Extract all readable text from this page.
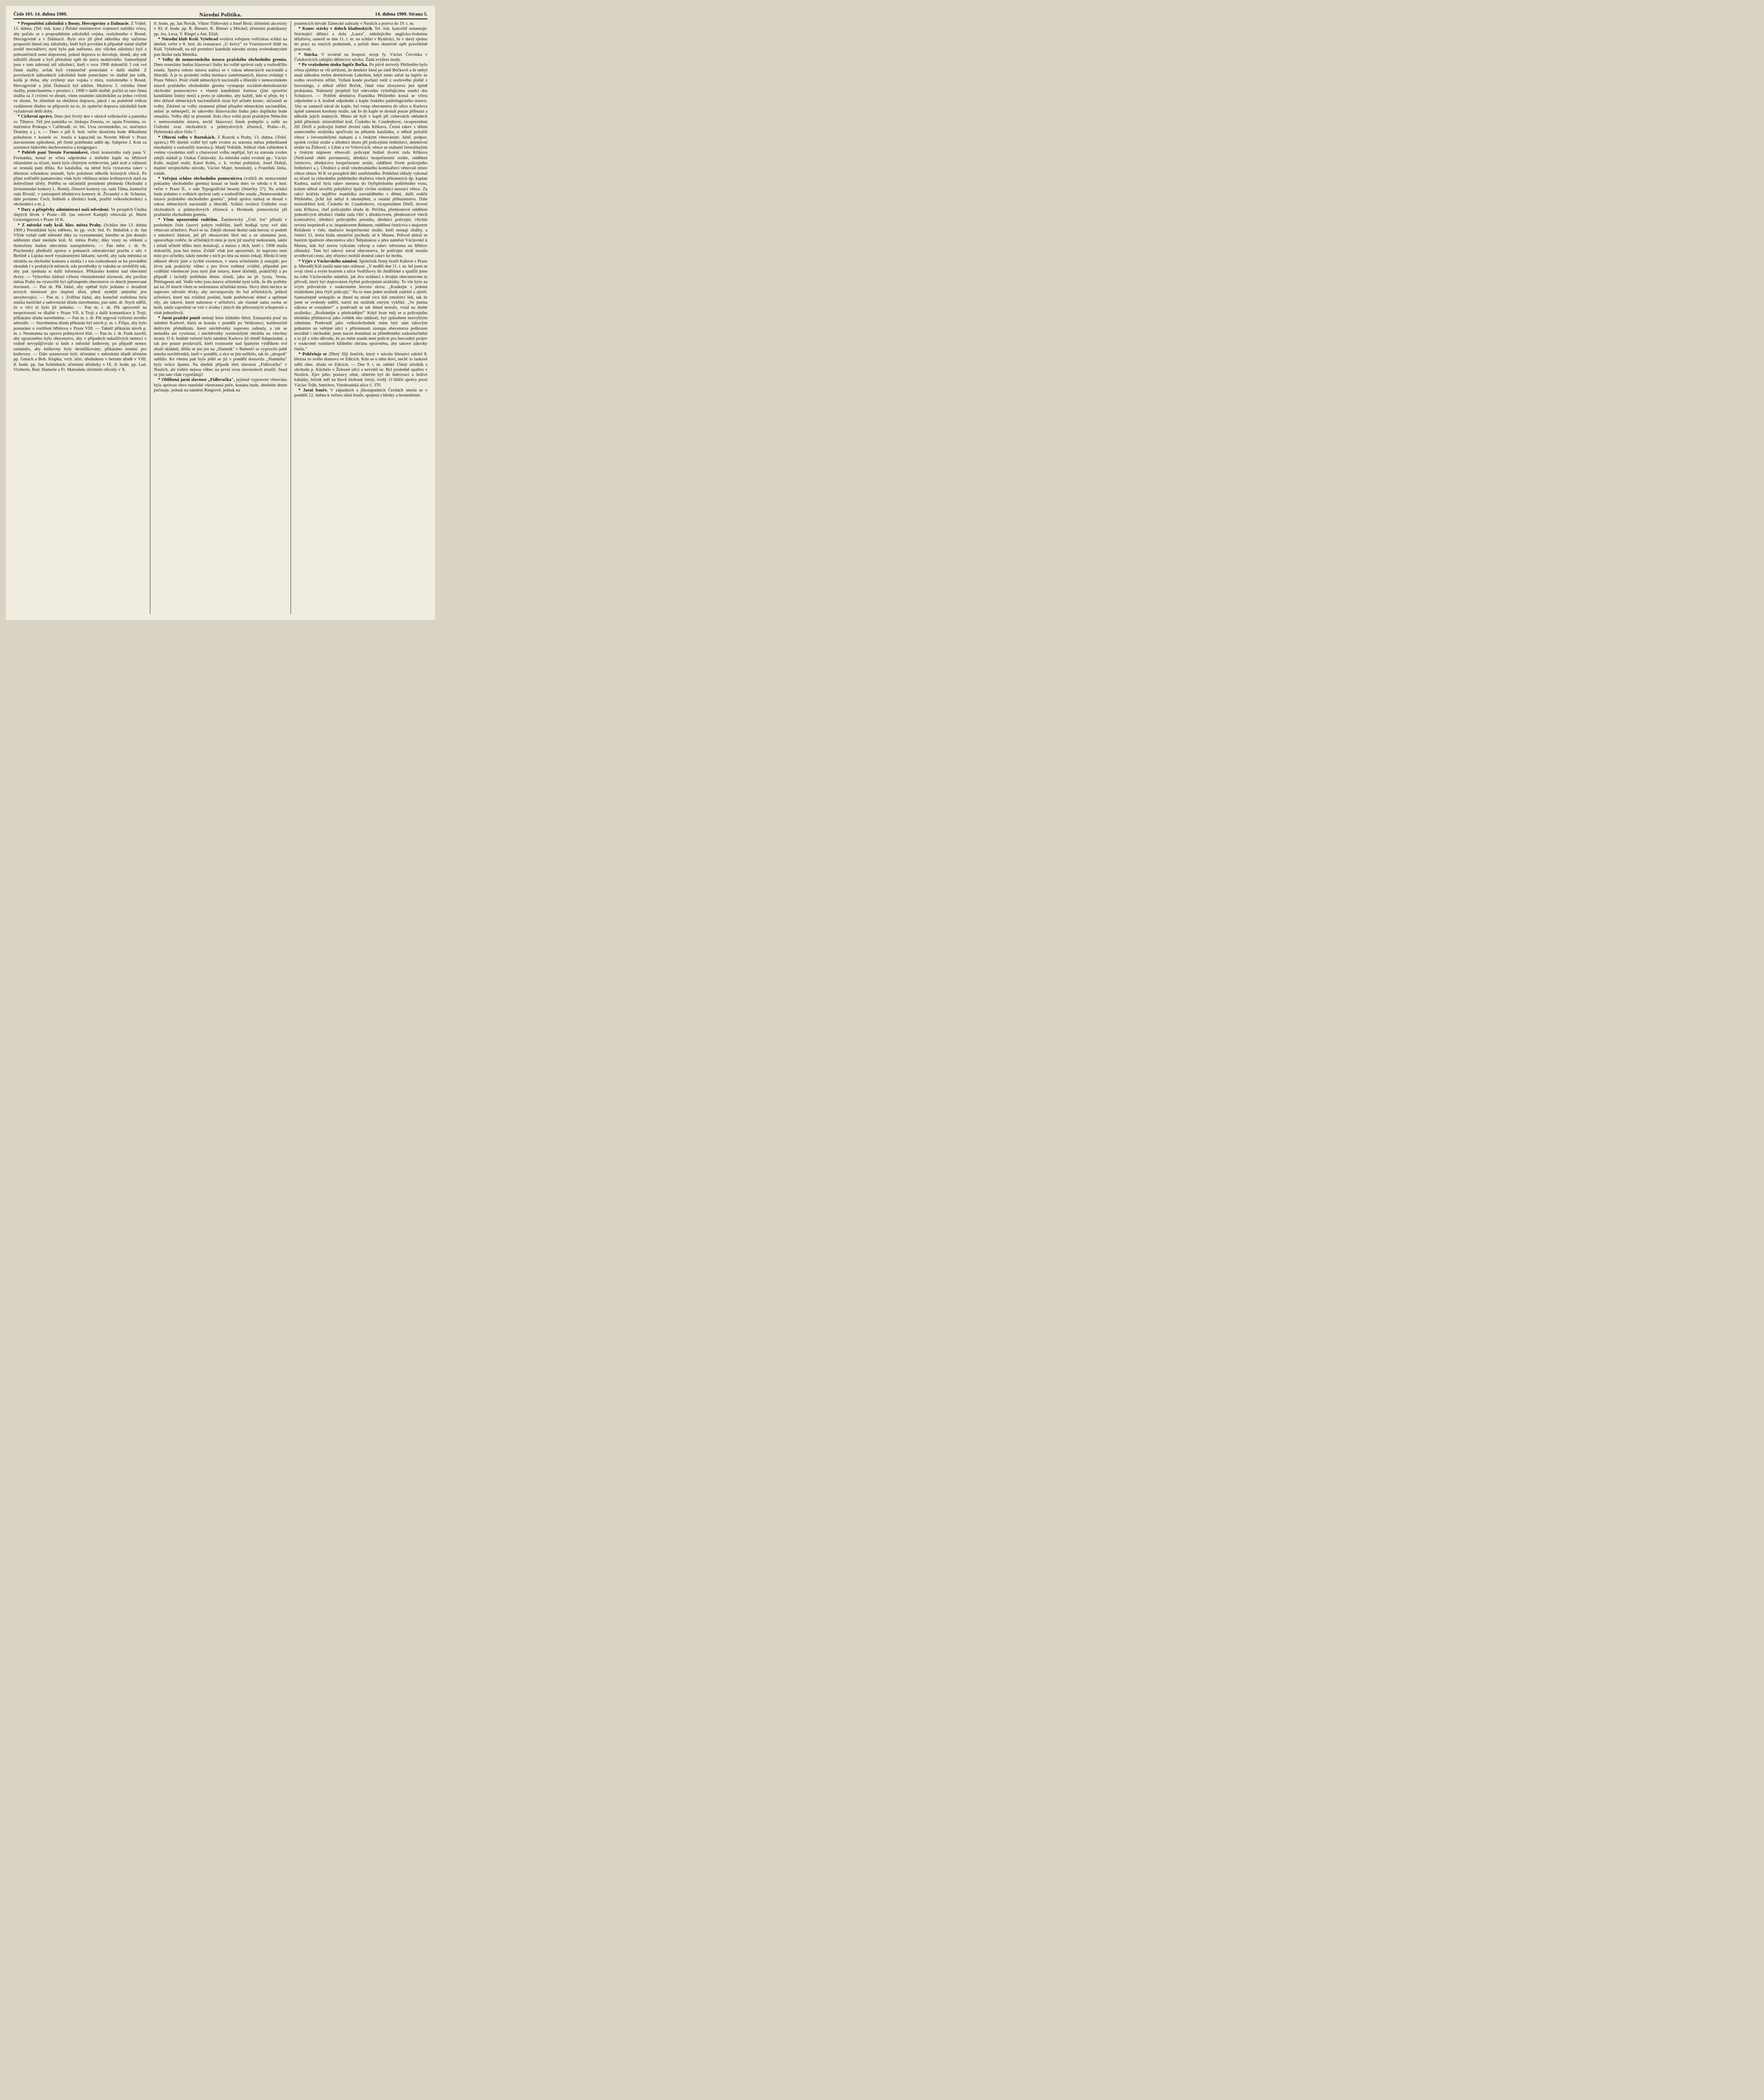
Číslo 103. 14. dubna 1909.	Národní Politika.	14. dubna 1909. Strana 5.

* Propouštění záložníků z Bosny, Hercegoviny a Dalmacie. Z Vídně, 13. dubna. (Tel. tisk. kanc.) Říšské ministerstvo vojenství nařídilo včera, aby počalo se s propouštěním záložníků vojska, rozloženého v Bosně, Hercegovině a v Dalmacii. Bylo sice již před několika dny nařízeno propustiti ihned ony záložníky, kteří byli povoláni k případně nutné službě uvnitř mocnářství; nyní bylo pak nařízeno, aby všichni záložníci byli z pohraničních zemí dopraveni, pokud doprava to dovoluje, domů, aby zde odložili zbraně a byli přeloženi opět do stavu neaktivního. Samozřejmě jsou v tom zahrnuti též záložníci, kteří v roce 1908 dokončili 3 rok své činné služby, avšak byli výminečně ponecháni v další službě. Z povolaných náhradních záložníků bude ponecháno ve službě jen tolik, kolik je třeba, aby zvýšený stav vojska v míru, rozloženého v Bosně, Hercegovině a jižní Dalmacii byl udržen. Mužstvu 3. ročníku činné služby, ponechanému v prosinci r. 1908 v další službě, počítá se tato činná služba za 3 cvičení ve zbrani, všem ostatním záložníkům za jedno cvičení ve zbrani. Se zřetelem na obtížnou dopravu, jakož i na poměrně velkou vzdálenost dlužno se připraviti na to, že zpáteční doprava záložníků bude vyžadovati delší doby.

* Církevní zprávy. Dnes jest čtvrtý den v oktávě velkonoční a památka sv. Tiburce. Též jest památka sv. biskupa Zenona, sv. opata Frontána, sv. mučenice Prokopa v Cařihradě, sv. bls. Ursa ravennského, sv. mučenice Dominy a j. v. — Dnes o půl 6. hod. večer skončena bude 40hodinná pobožnost v kostele sv. Josefa u kapucínů na Novém Městě v Praze slavnostním způsobem, při čemž požehnání udělí dp. Subprior J. Kott za asistence řádového duchovenstva a kongregací.

* Pohřeb paní Terezie Formánkové, choti komorního rady pana V. Formánka, konal se včera odpoledne z ústřední kaple na hřbitově olšanském za účasti, která byla zřejmým svědectvím, jaké úctě a vážnosti se zesnulá paní těšila. Ke katafalku, na němž byla vystavena rakev s tělesnou schránkou zesnulé, bylo položeno několik krásných věnců. Po přání zvěčnělé pamatováno však bylo většinou místo květinových darů na dobročinné účely. Pohřbu se súčastnili presidenti předseda Obchodní a živnostenské komory L. Bondy, členové komory cís. rada Tůma, komerční rada Rivnáč, v zastoupení úřednictva komory dr. Živanský a dr. Schuster, dále poslanec Čech, ředitelé a úředníci bank, pražští velkoobchodníci a obchodníci a m. j.

* Dary a příspěvky administraci naší odvedené. Ve prospěch Útulku slepých dívek v Praze—III. (na ostrově Kampě) věnovala pí. Marie Grassingerová v Praze 10 K.

* Z městské rady král. hlav. města Prahy. (Schůze dne 13. dubna 1909.) Presidiálně bylo sděleno, že pp. vrch. řed. Fr. Hubáček a dr. Jan Vlček vzdali radě městské díky za vyznamenání, kterého se jim dostalo udělením zlaté medaile král. hl. města Prahy; díky vzaty na vědomí a tlumočeny budou obecnímu zastupitelstvu. — Pan měst. r. dr. St. Prachenský předložil zprávu o pokusech odstraňování prachu z ulic v Berlíně a Lipsku nově vynalezenými látkami; navrhl, aby rada městská se obrátila na obchodní komoru a mohla i s tou rozhodnouti se ku provádění zkoušek i v pražských městech, zda prostředky ty vakuku se osvědčily tak, aby pak zjednala si další informace. Přikázáno komisi nad obecními dvory. — Vyhověno žádosti výboru všestudentské slavnosti, aby pavilon města Prahy na výstavišti byl zpřístupněn obecenstvu ve dnech jmenované slavnosti. — Pan dr. Pik žádal, aby opětně bylo jednáno o dosažení nových místností pro dopisní úřad, jehož nynější umístění jest nevyhovující. — Pan m. r. Zvěřina žádal, aby konečně rozřešena byla otázka hasičské a sadovnické úřadu stavebnímu; pan nám. dr. Stych sdělil, že o věci té bylo již jednáno. — Pan m. r. dr. Pik upozornil na nesprávnosti ve dlažbě v Praze VII. k Troji a další komunikace k Troji; přikázáno úřadu stavebnímu. — Pan m. r. dr. Pik urgoval vyřízení nového adresáře. — Stavebnímu úřadu přikázán byl návrh p. m. r. Filipa, aby bylo postaráno o rozšíření hřbitova v Praze VIII. — Taktéž přikázán návrh p. m. r. Neumanna na opravu průmyslové tříd. — Pan m. r. dr. Funk navrhl, aby upozorněno bylo obecenstvo, aby v případech nakažlivých nemocí v rodině nevypůjčovalo si knih z městské knihovny, po případě nemoc oznámilo, aby knihovny byly desinfikovány; přikázáno komisi pro knihovny. — Dále ustanoveni byli: účetními v městském úřadě účetním pp. Gmach a Boh. Klapka; vrch. účet. úředníkem v berním úřadě v VIII. tř. hodn. pp. Jan Schönbach; účetními úředníky v IX. tř. hodn. pp. Lad. Vichterle, Rud. Hamerle a Fr. Matoušek; účetními oficiály v X.

tř. hodn. pp. Jan Novák, Viktor Tišňovský a Josef Brož; účetními akcesisty v XI. tř. hodn. pp. R. Bienert, K. Bittner a Möckel; účetními praktikanty pp. Jos. Lexa, V. Riegel a Ant. Eliáš.

* Národní klub Král. Vyšehrad svolává veřejnou voličskou schůzi na dnešek večer o 8. hod. do restaurace „U kotvy" ve Vratislavově třídě na Král. Vyšehradě, na níž promluví kandidát národní strany svobodomyslné pan školní rada Metelka.

* Volby do nemocenského ústavu pražského obchodního gremia. Dnes rozeslány budou hlasovací lístky ku volbě správní rady a rozhodčího soudu. Správa tohoto ústavu nalézá se v rukou německých nacionálů a liberálů. A je to poslední velká instituce zaměstnaných, kterou ovládají v Praze Němci. Proti vládě německých nacionálů a liberálů v nemocenském ústavě pražského obchodního gremia vystupuje sociálně-demokratické obchodní pomocnictvo s vlastní kandidátní listinou (jiné opoziční kandidátní listiny není) a proto je záhodno, aby každý, kdo si přeje, by i této državě německých nacionálních stran byl učiněn konec, súčastnil se volby. Zdržení se volby znamená přímé přispění německým nacionálům, neboť je nebezpečí, že takového hlasovacího lístku jako duplikátu bude zneužito. Volby dějí se písemně. Kdo chce voliti proti pražským Němcům v nemocenském ústavu, nechť hlasovací lístek podepíše a zašle na Ústřední svaz obchodních a průmyslových zřízenců, Praha—II., Hybernská ulice číslo 7.

* Obecní volby v Roztokách. Z Roztok u Prahy, 13. dubna. (Telef. zpráva.) Při dnešní volbě byl opět zvolen za starostu města jednohlasně mnohaletý a zasloužilý starosta p. Matěj Voštálík. Jelikož však vzhledem k svému vysokému stáří a churavosti volbu nepřijal, byl za starostu zvolen zdejší statkář p. Otakar Čáslavský. Za městské radní zvoleni pp.: Václav Kubr, majitel realit, Karel Kohn, c. k. vrchní poštmistr, Josef Dolejš, majitel strojnického závodu, Václav Majer, hostinský, a František Járka, rolník.

* Veřejná schůze obchodního pomocnictva (voličů do nemocenské pokladny obchodního gremia) konati se bude dnes ve středu o 8. hod. večer v Praze II., v sále Typografické besedy (Smečky 27). Na schůzi bude jednáno o volbách správní rady a rozhodčího soudu „Nemocenského ústavu pražského obchodního gremia", jehož správa nalezá se dosud v rukou německých nacionálů a liberálů. Schůzi svolává Ústřední svaz obchodních a průmyslových zřízenců a Hromada pomocnická při pražském obchodním gremiu.

* Všem upozornění rodičům. Žamberecký „Ústř. list" přináší v posledním čísle časový pokyn rodičům, kteří hodlají syny své dáti věnovati učitelství. Praví se tu: Zdejší okresní školní rada berouc si podnět z množství žádostí, jež při obsazování škol má a ze záznamu jsou, upozorňuje rodiče, že učitelských míst je nyní již značný nedostatek, takže i mladí učitelé těžko míst dostávají, a mnozí z těch, kteří r. 1908 studia dokončili, jsou bez místa. Zvlášť však jest upozorniti, že naprosto není míst pro učitelky, takže mnohé z nich po léta na místo čekají. Hledá-li tedy některé děvče jisté a rychlé existence, v stavu učitelském ji nenajde; pro život pak praktický vůbec a pro život rodinný zvláště, případně pro vzdělání všeobecné jsou nyní jiné ústavy, které účelněji, praktičtěji a po případě i laciněji potřebám těmto slouží, jako na př. lycea, Vesna, Pöttingeum atd. Vedle toho jsou ústavy učitelské nyní tolik, že dle potřeby asi na 20 letech všem se nedostanou učitelská místa. Slovy těmi nechce se naprosto odvrátit dívky, aby nevstupovaly do řad učitelských, jelikož učitelství, které má zvláštní poslání, bude potřebovati dobré a upřímné síly, ale takové, které naleznou v učitelství, ale vlastně sama osoba se hodí, takže zapotření se vzít v úvahu i jiných dle přirozených schopností a vloh jednotlivců.

* Jarní pražské poutě nemají letos žádného štěstí. Emauzská pouť na náměstí Karlově, která se konala v pondělí po Velikonoci, každoročně deštivým přeháňkám, které návštěvníky naprosto zahnaly, a tak se nemohla ani vyvinout; i návštěvníky rozmrzelými obrátila na všechny strany. O 6. hodině večerní bylo náměstí Karlovo již téměř liduprázdné, a tak pro pouze prodavačů, kteří rozmrzele nad špatným výdělkem své zboží skládali, těšila se jen jen na „Slamník" v Bubenči se vypravilo ještě mnoho navštěvníků, kteří v pondělí, a sice se jim nelíbilo, tak že „alespoň" sněžilo. Ke všemu pak bylo ještě se již v pondělí dostavila „Slamníku" byla velice špatná. Na dnešek připadá třetí slavnost „Fidlovačka" v Nuslích, ale rodiče nejsou vůbec na první svou slavnostech ztratili. Snad se jim tato však vypořádají!

* Oblíbená jarní slavnost „Fidlovačka", jejímuž vypravení věnována byla správou obce nuselské všestranná péče, konána bude, dnešním dnem počínaje, jednak na náměstí Riegrově, jednak na

pozemcích bývalé Zámecké zahrady v Nuslích a potrvá do 19. t. m.

* Konec stávky v dolech kladenských. Tel. tisk. kancelář oznamuje: Stávkující dělníci z dolu „Laura", náležejícího anglicko-českému těžařstvu, usnesli se dne 11. t. m. na schůzi v Rynholci, že v úterý sjedou do prací za starých podmínek, a počali dnes skutečně opět pravidelně pracovati.

* Stávka. V továrně na hospod. stroje fy. Václav Červinka v Čelakovicích zahájilo dělnictvo stávku. Žádá zvýšení mzdy.

* Po vražedném útoku lupiče Bočka. Po pitvě mrtvoly Pětiletého bylo včera zjištěno se vší určitostí, že detektiv klesl po ráně Bočkově a že nebyl snad náhodou trefen detektivem Lukešem, když tento začal na lupiče ze svého revolveru střílet. Vyňatá koule pochází totiž z ocelového pláště z browningu, z něhož střílel Boček, čímž vina zlosynova jest úplně prokázána. Nalezený projektil byl odevzdán vyšetřujícímu soudci dru Schulzovi. — Pohřeb detektiva Františka Pětiletého konal se včera odpoledne o 4. hodině odpolední z kaple českého pathologického ústavu. Aby se zamezil nával do kaple, byl vstup obecenstvu do ulice u Karlova úplně zamezen kordony stráže, tak že do kaple se dostali pouze příbuzní a několik jejích známých. Mimo ně byli v kapli při církevních obřadech ještě přítomni: místodržitel král. Českého hr. Coudenhove, vicepresident Jiří Dörfl a policejní ředitel dvorní rada Křikava. Černá rakev s tělem usmrceného strážníka spočívala na pěkném katafalku, u něhož položili věnce s červenobílými stuhami a s českým věnováním: Jubil. podpor. spolek civilní stráže a úředníci sboru při policejním ředitelství, detektivní stráže na Žižkově, v Libni a ve Vršovicích; věnce se stuhami černožlutými a českým nápisem věnovali: policejní ředitel dvorní rada Křikava (Nešťastně oběti povinnosti), úřednici bezpečnostní stráže, oddělení četnictvo, úřednictvo bezpečnostní stráže, oddělení čtvrté policejního ředitelství a j. Úředníci a stráž vinohradského komisařství věnovali místo věnce obnos 30 K ve prospěch dětí zastřeleného. Pohřební obřady vykonal za účasti tu ctihodného pohřebního družstva všech přítomných dp. kaplan Kudrna, načež byla rakev snesena do čtyřspřežného pohřebního vozu, kolem něhož utvořili pobyblivý špalír civilní strážníci nesoucí věnce. Za rakví kráčela nejdříve manželka zavražděného s dětmi, další rodiče Pětiletého, jichž žal nebyl k ukonejšení, a ostatní příbuzenstvo. Dále místodržitel král. Českého hr. Coudenhove, vicepresident Dörfl, dvorní rada Křikava, chef policejního úřadu dr. Pečírka, přednostové oddělení jednotlivých úředníci vládní rada Olič s úřednictvem, přednostové všech komisařství, úřednici policejního presidia, úřednici policejní, všichni revírní inspektoři a st. inspektorem Rehnem, oddělení četnictva s majorem Režákem v čele, mužstvo bezpečnostní stráže, kteří nemají služby, a četníci 11, která hrála smuteční pochody až k Museu. Průvod ubíral se hustým špalírem obecenstva ulicí Štěpánskou a přes náměstí Václavské k Museu, kde byl znovu vykonán výkrop a rakev odvezena na hřbitov olšanský. Tam byl takový nával obecenstva, že policejní stráž musila uvolňovati cestu, aby zřízenci mobili donésti rakev ke hrobu.

* Výjev z Václavského náměstí. Společník firmy bratří Kášové v Praze p. Metoděj Káš zasílá nám tuto stížnost: „V neděli dne 11. t. m. šel jsem se svojí chotí a svým bratrem z ulice Vodičkovy do Jindřišské a spatřili jsme na rohu Václavského náměstí, jak dva strážníci s dvojím obecenstvem tu přívodí, který byl doprovázen čtyřmi policejními strážníky. To vše bylo za svým průvodcím v soukromém hovoru slova: „Koukejte s jedním strážníkem jdou čtyři policajti." Na to mne jeden strážník zadržel a zjistil. Samozřejmě seskupilo se ihned na místě více lidí zmožství lidí, tak že jsem se svobody udělil, načež mi strážník ostrým vykřikl: „Ve jménu zákona se rozejdete!" a poněvadž se tak ihned nestalo, volal na druhé strážníky: „Rozhánějte a předvádějte!" Když bratr můj se u policejního úředníka přihlásoval jako svědek této události, byl způsobem nezvyklým odmítnut. Poněvadž jako velkoobchodník mám býti sám takovým jednáním na veřejné ulici v přítomnosti zástupu obecenstva poškozen morálně i obchodně, jsem nucen domáhati se přiměřeného zadostiučinění a to již z toho důvodu, že po mém soudu není policie pro bezvadný projev v soukromé rozmluvě klidného občana oprávněna, aby takové zákroky činila."

* Pohřešuje se 29letý Jiljí Jeníček, který v návalu šílenství odešel 8. března ze svého domova ve Zdicích. Kdo se o něm doví, nechť to laskavě sdělí obec. úřadu ve Zdicích. — Dne 9. t. m. odešel 15letý učedník z obchodu p. Küchelo v Železné ulici a nevrátil se. Byl posledně spatřen v Nuslích. Zjev jeho: postavy silné, oblečen byl do šněrovací a šedivé kabátky, řečník měl na hlavě klobouk černý, tvrdý. O bližší zprávy prosí Václav Trůb, Smíchov, Vinohradská ulice č. 370.

* Jarní bouře. V západních a jihozápadních Čechách snesla se v pondělí 12. dubna k večeru silná bouře, spojená s blesky a hromobitím.
